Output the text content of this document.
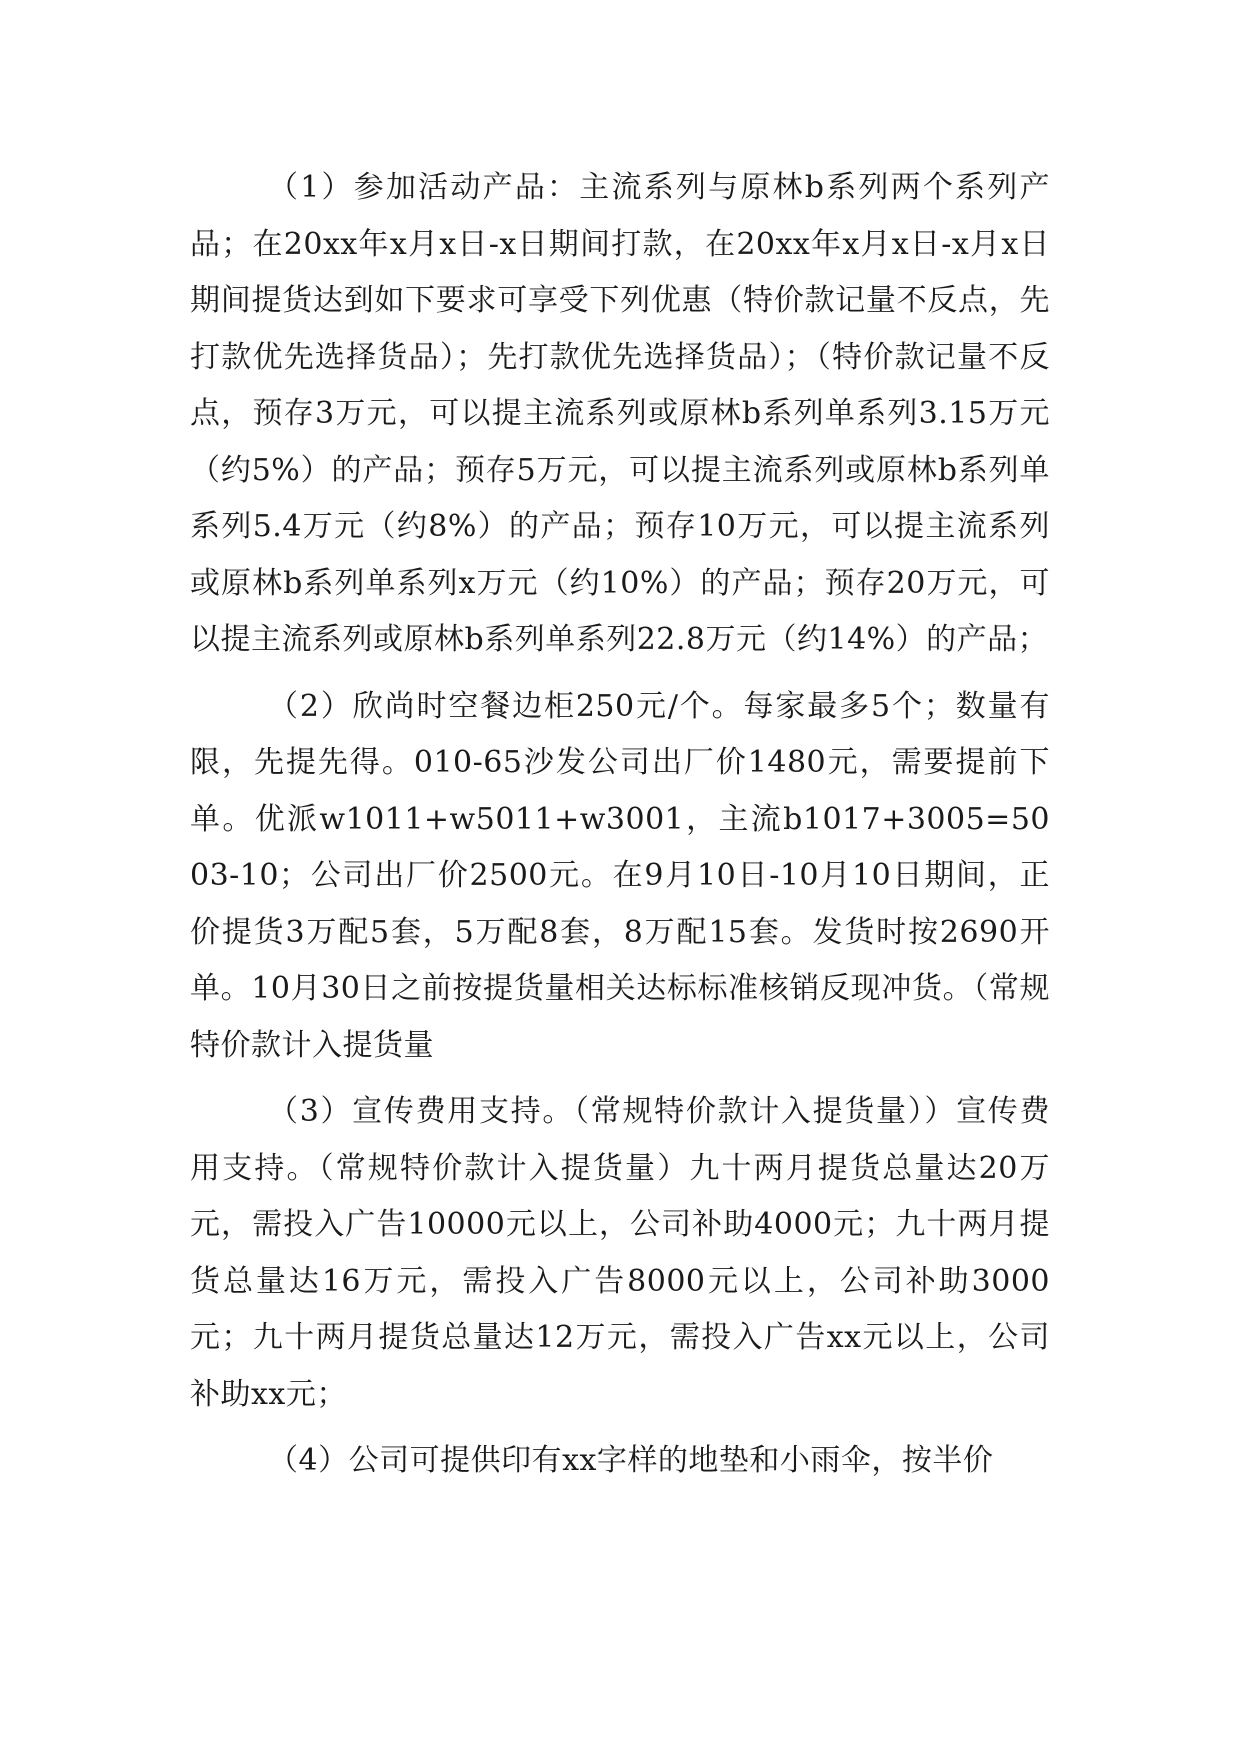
（1）参加活动产品：主流系列与原林b系列两个系列产品；在20xx年x月x日-x日期间打款，在20xx年x月x日-x月x日期间提货达到如下要求可享受下列优惠（特价款记量不反点，先打款优先选择货品）；先打款优先选择货品）；（特价款记量不反点，预存3万元，可以提主流系列或原林b系列单系列3.15万元（约5%）的产品；预存5万元，可以提主流系列或原林b系列单系列5.4万元（约8%）的产品；预存10万元，可以提主流系列或原林b系列单系列x万元（约10%）的产品；预存20万元，可以提主流系列或原林b系列单系列22.8万元（约14%）的产品；

（2）欣尚时空餐边柜250元/个。每家最多5个；数量有限，先提先得。010-65沙发公司出厂价1480元，需要提前下单。优派w1011+w5011+w3001，主流b1017+3005=5003-10；公司出厂价2500元。在9月10日-10月10日期间，正价提货3万配5套，5万配8套，8万配15套。发货时按2690开单。10月30日之前按提货量相关达标标准核销反现冲货。（常规特价款计入提货量

（3）宣传费用支持。（常规特价款计入提货量））宣传费用支持。（常规特价款计入提货量）九十两月提货总量达20万元，需投入广告10000元以上，公司补助4000元；九十两月提货总量达16万元，需投入广告8000元以上，公司补助3000元；九十两月提货总量达12万元，需投入广告xx元以上，公司补助xx元；

（4）公司可提供印有xx字样的地垫和小雨伞，按半价
